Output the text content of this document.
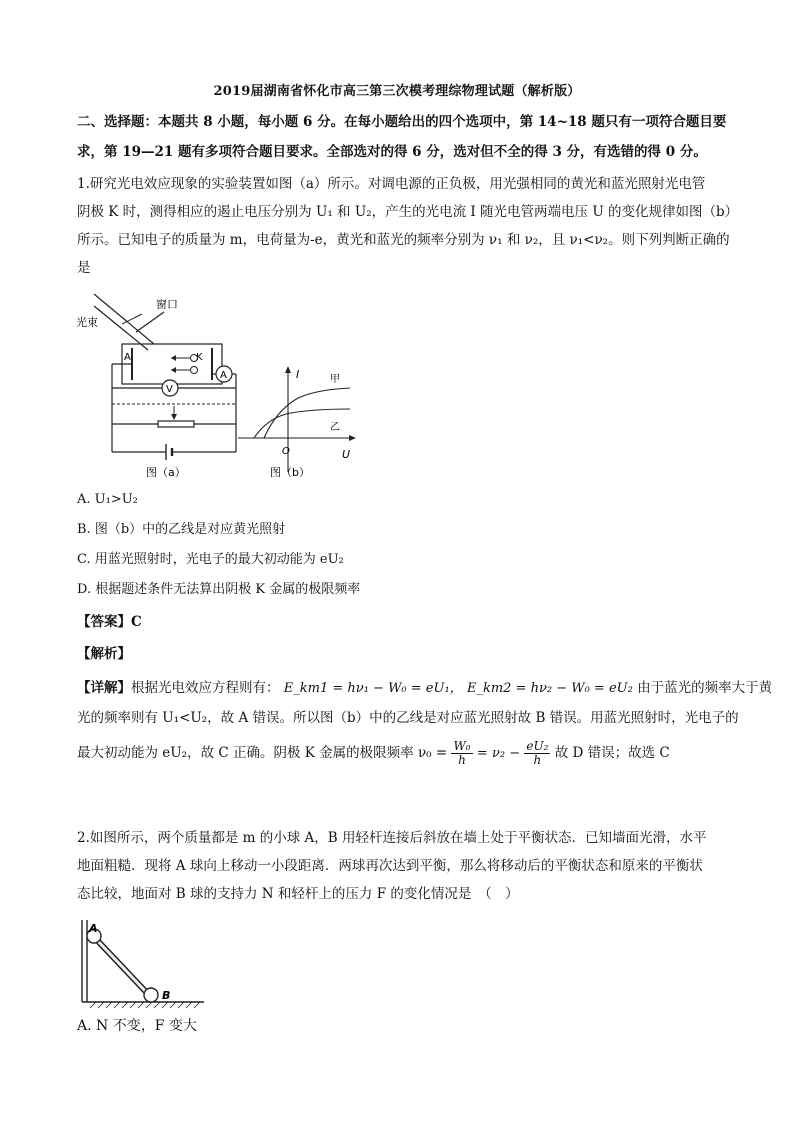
2019届湖南省怀化市高三第三次模考理综物理试题（解析版）
二、选择题：本题共 8 小题，每小题 6 分。在每小题给出的四个选项中，第 14~18 题只有一项符合题目要
求，第 19—21 题有多项符合题目要求。全部选对的得 6 分，选对但不全的得 3 分，有选错的得 0 分。
1.研究光电效应现象的实验装置如图（a）所示。对调电源的正负极，用光强相同的黄光和蓝光照射光电管
阴极 K 时，测得相应的遏止电压分别为 U₁ 和 U₂，产生的光电流 I 随光电管两端电压 U 的变化规律如图（b）
所示。已知电子的质量为 m，电荷量为-e，黄光和蓝光的频率分别为 ν₁ 和 ν₂，且 ν₁<ν₂。则下列判断正确的
是
光束
窗口
A	K
A
V
图（a）
I
U
O
甲
乙
图（b）
A. U₁>U₂
B. 图（b）中的乙线是对应黄光照射
C. 用蓝光照射时，光电子的最大初动能为 eU₂
D. 根据题述条件无法算出阴极 K 金属的极限频率
【答案】C
【解析】
【详解】根据光电效应方程则有： E_km1 = hν₁ − W₀ = eU₁， E_km2 = hν₂ − W₀ = eU₂ 由于蓝光的频率大于黄
光的频率则有 U₁<U₂，故 A 错误。所以图（b）中的乙线是对应蓝光照射故 B 错误。用蓝光照射时，光电子的
最大初动能为 eU₂，故 C 正确。阴极 K 金属的极限频率 $\nu_0 = \frac{\text{W₀}}{h} = \nu_2 - \frac{\text{eU₂}}{h}$ 故 D 错误；故选 C
2.如图所示，两个质量都是 m 的小球 A，B 用轻杆连接后斜放在墙上处于平衡状态．已知墙面光滑，水平
地面粗糙．现将 A 球向上移动一小段距离．两球再次达到平衡，那么将移动后的平衡状态和原来的平衡状
态比较，地面对 B 球的支持力 N 和轻杆上的压力 F 的变化情况是　（　）
A
B
A. N 不变，F 变大
